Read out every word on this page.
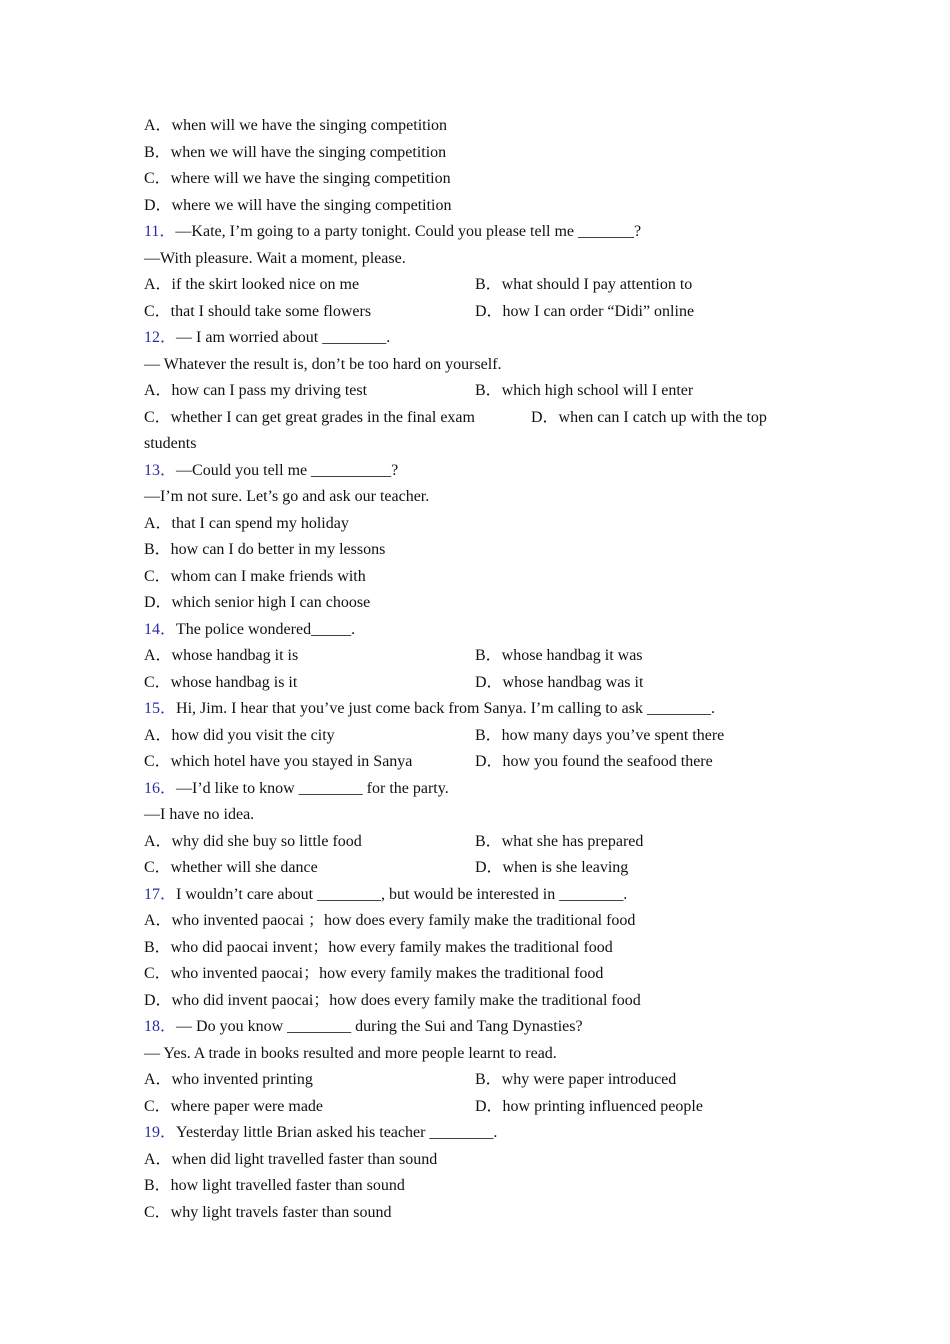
A．when will we have the singing competition
B．when we will have the singing competition
C．where will we have the singing competition
D．where we will have the singing competition
11．—Kate, I’m going to a party tonight. Could you please tell me _______?
—With pleasure. Wait a moment, please.
A．if the skirt looked nice on me	B．what should I pay attention to
C．that I should take some flowers	D．how I can order “Didi” online
12．— I am worried about ________.
— Whatever the result is, don’t be too hard on yourself.
A．how can I pass my driving test	B．which high school will I enter
C．whether I can get great grades in the final exam	D．when can I catch up with the top
students
13．—Could you tell me __________?
—I’m not sure. Let’s go and ask our teacher.
A．that I can spend my holiday
B．how can I do better in my lessons
C．whom can I make friends with
D．which senior high I can choose
14．The police wondered_____.
A．whose handbag it is	B．whose handbag it was
C．whose handbag is it	D．whose handbag was it
15．Hi, Jim. I hear that you’ve just come back from Sanya. I’m calling to ask ________.
A．how did you visit the city	B．how many days you’ve spent there
C．which hotel have you stayed in Sanya	D．how you found the seafood there
16．—I’d like to know ________ for the party.
—I have no idea.
A．why did she buy so little food	B．what she has prepared
C．whether will she dance	D．when is she leaving
17．I wouldn’t care about ________, but would be interested in ________.
A．who invented paocai ；how does every family make the traditional food
B．who did paocai invent；how every family makes the traditional food
C．who invented paocai；how every family makes the traditional food
D．who did invent paocai；how does every family make the traditional food
18．— Do you know ________ during the Sui and Tang Dynasties?
— Yes. A trade in books resulted and more people learnt to read.
A．who invented printing	B．why were paper introduced
C．where paper were made	D．how printing influenced people
19．Yesterday little Brian asked his teacher ________.
A．when did light travelled faster than sound
B．how light travelled faster than sound
C．why light travels faster than sound
